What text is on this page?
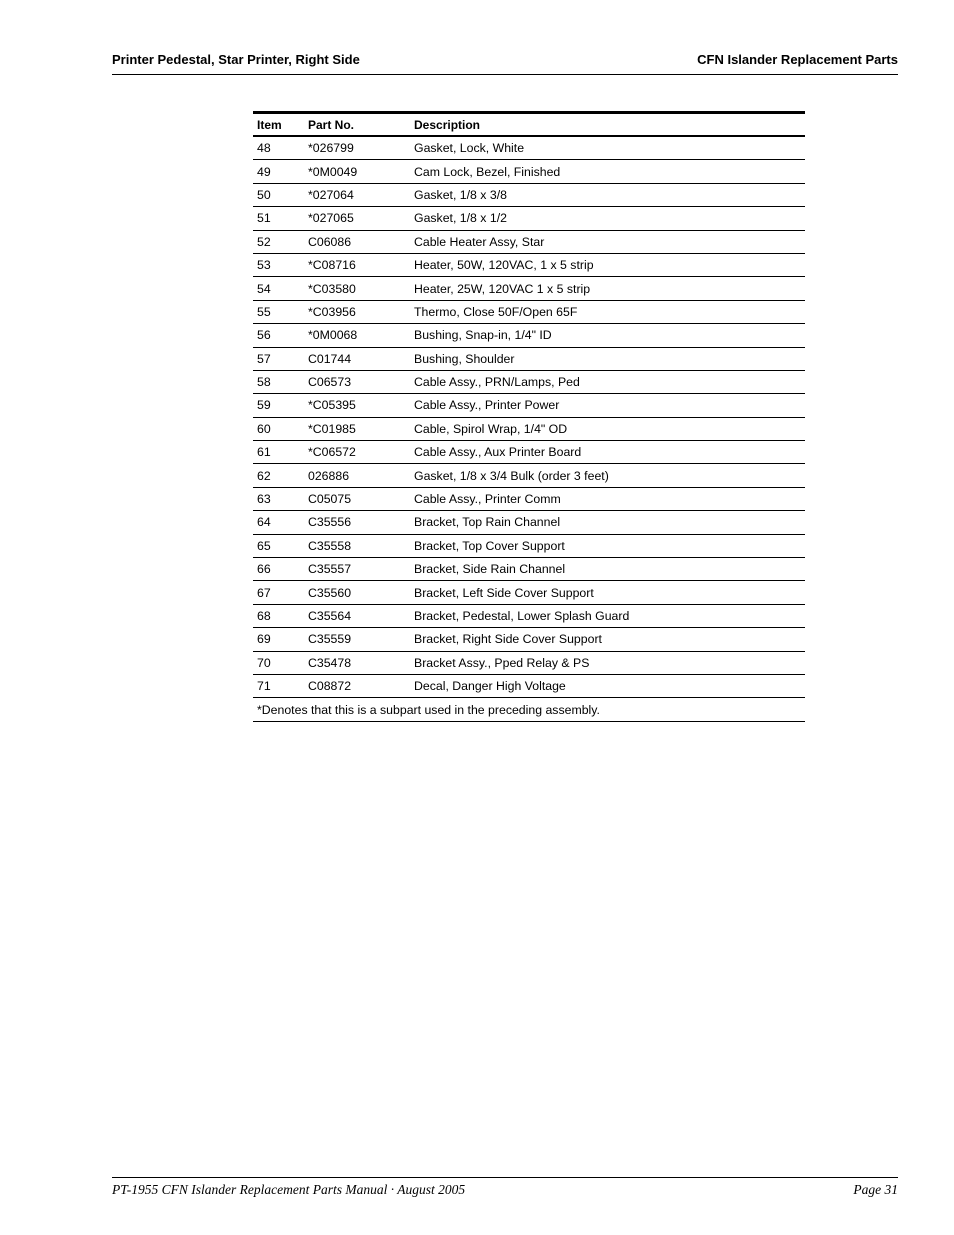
Printer Pedestal, Star Printer, Right Side	CFN Islander Replacement Parts
Item	Part No.	Description
48	*026799	Gasket, Lock, White
49	*0M0049	Cam Lock, Bezel, Finished
50	*027064	Gasket, 1/8 x 3/8
51	*027065	Gasket, 1/8 x 1/2
52	C06086	Cable Heater Assy, Star
53	*C08716	Heater, 50W, 120VAC, 1 x 5 strip
54	*C03580	Heater, 25W, 120VAC 1 x 5 strip
55	*C03956	Thermo, Close 50F/Open 65F
56	*0M0068	Bushing, Snap-in, 1/4" ID
57	C01744	Bushing, Shoulder
58	C06573	Cable Assy., PRN/Lamps, Ped
59	*C05395	Cable Assy., Printer Power
60	*C01985	Cable, Spirol Wrap, 1/4" OD
61	*C06572	Cable Assy., Aux Printer Board
62	026886	Gasket, 1/8 x 3/4 Bulk (order 3 feet)
63	C05075	Cable Assy., Printer Comm
64	C35556	Bracket, Top Rain Channel
65	C35558	Bracket, Top Cover Support
66	C35557	Bracket, Side Rain Channel
67	C35560	Bracket, Left Side Cover Support
68	C35564	Bracket, Pedestal, Lower Splash Guard
69	C35559	Bracket, Right Side Cover Support
70	C35478	Bracket Assy., Pped Relay & PS
71	C08872	Decal, Danger High Voltage
*Denotes that this is a subpart used in the preceding assembly.		
PT-1955 CFN Islander Replacement Parts Manual · August 2005	Page 31
